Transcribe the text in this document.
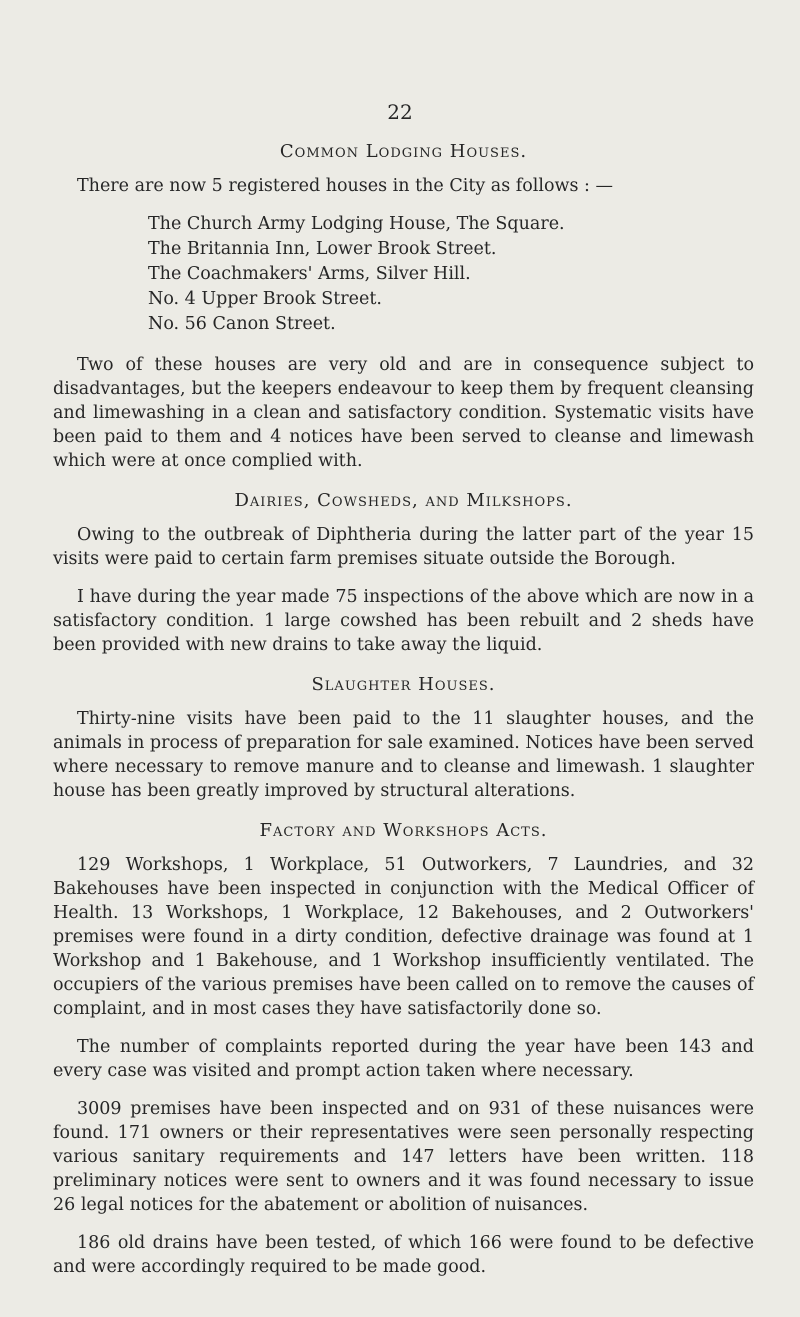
22
Common Lodging Houses.

There are now 5 registered houses in the City as follows : —

The Church Army Lodging House, The Square.
The Britannia Inn, Lower Brook Street.
The Coachmakers' Arms, Silver Hill.
No. 4 Upper Brook Street.
No. 56 Canon Street.

Two of these houses are very old and are in consequence subject to disadvantages, but the keepers endeavour to keep them by frequent cleansing and limewashing in a clean and satisfactory condition. Systematic visits have been paid to them and 4 notices have been served to cleanse and limewash which were at once complied with.

Dairies, Cowsheds, and Milkshops.

Owing to the outbreak of Diphtheria during the latter part of the year 15 visits were paid to certain farm premises situate outside the Borough.

I have during the year made 75 inspections of the above which are now in a satisfactory condition. 1 large cowshed has been rebuilt and 2 sheds have been provided with new drains to take away the liquid.

Slaughter Houses.

Thirty-nine visits have been paid to the 11 slaughter houses, and the animals in process of preparation for sale examined. Notices have been served where necessary to remove manure and to cleanse and limewash. 1 slaughter house has been greatly improved by structural alterations.

Factory and Workshops Acts.

129 Workshops, 1 Workplace, 51 Outworkers, 7 Laundries, and 32 Bakehouses have been inspected in conjunction with the Medical Officer of Health. 13 Workshops, 1 Workplace, 12 Bakehouses, and 2 Outworkers' premises were found in a dirty condition, defective drainage was found at 1 Workshop and 1 Bakehouse, and 1 Workshop insufficiently ventilated. The occupiers of the various premises have been called on to remove the causes of complaint, and in most cases they have satisfactorily done so.

The number of complaints reported during the year have been 143 and every case was visited and prompt action taken where necessary.

3009 premises have been inspected and on 931 of these nuisances were found. 171 owners or their representatives were seen personally respecting various sanitary requirements and 147 letters have been written. 118 preliminary notices were sent to owners and it was found necessary to issue 26 legal notices for the abatement or abolition of nuisances.

186 old drains have been tested, of which 166 were found to be defective and were accordingly required to be made good.
